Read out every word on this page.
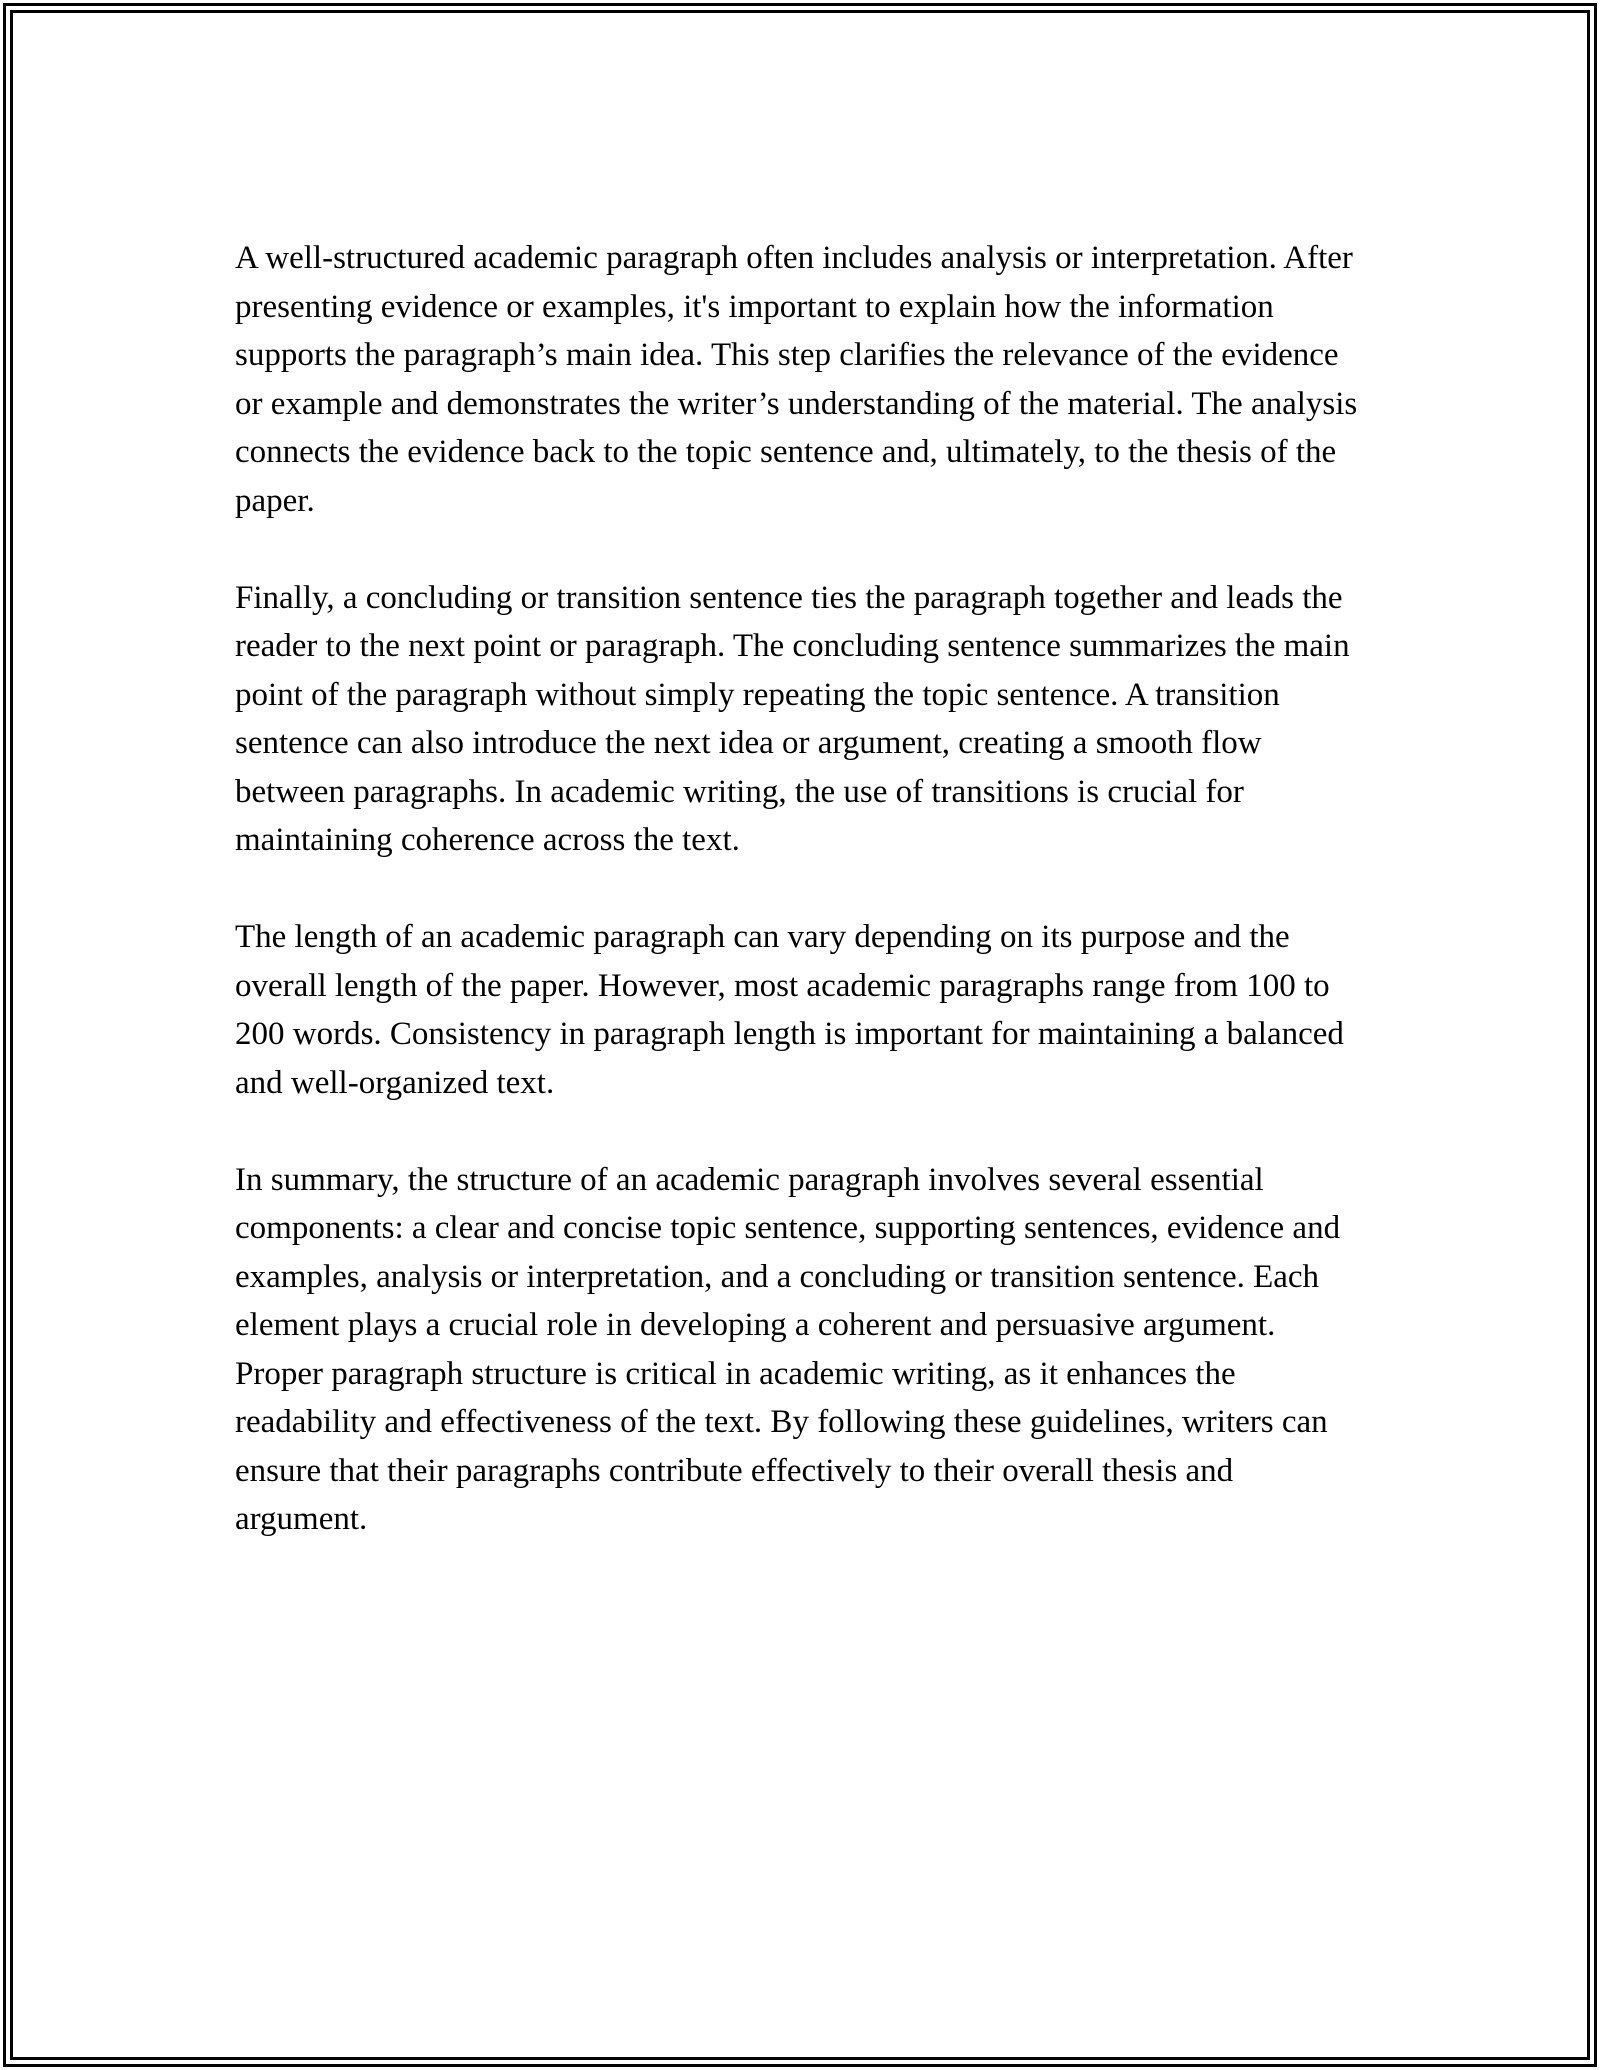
A well-structured academic paragraph often includes analysis or interpretation. After presenting evidence or examples, it's important to explain how the information supports the paragraph’s main idea. This step clarifies the relevance of the evidence or example and demonstrates the writer’s understanding of the material. The analysis connects the evidence back to the topic sentence and, ultimately, to the thesis of the paper.

Finally, a concluding or transition sentence ties the paragraph together and leads the reader to the next point or paragraph. The concluding sentence summarizes the main point of the paragraph without simply repeating the topic sentence. A transition sentence can also introduce the next idea or argument, creating a smooth flow between paragraphs. In academic writing, the use of transitions is crucial for maintaining coherence across the text.

The length of an academic paragraph can vary depending on its purpose and the overall length of the paper. However, most academic paragraphs range from 100 to 200 words. Consistency in paragraph length is important for maintaining a balanced and well-organized text.

In summary, the structure of an academic paragraph involves several essential components: a clear and concise topic sentence, supporting sentences, evidence and examples, analysis or interpretation, and a concluding or transition sentence. Each element plays a crucial role in developing a coherent and persuasive argument. Proper paragraph structure is critical in academic writing, as it enhances the readability and effectiveness of the text. By following these guidelines, writers can ensure that their paragraphs contribute effectively to their overall thesis and argument.
